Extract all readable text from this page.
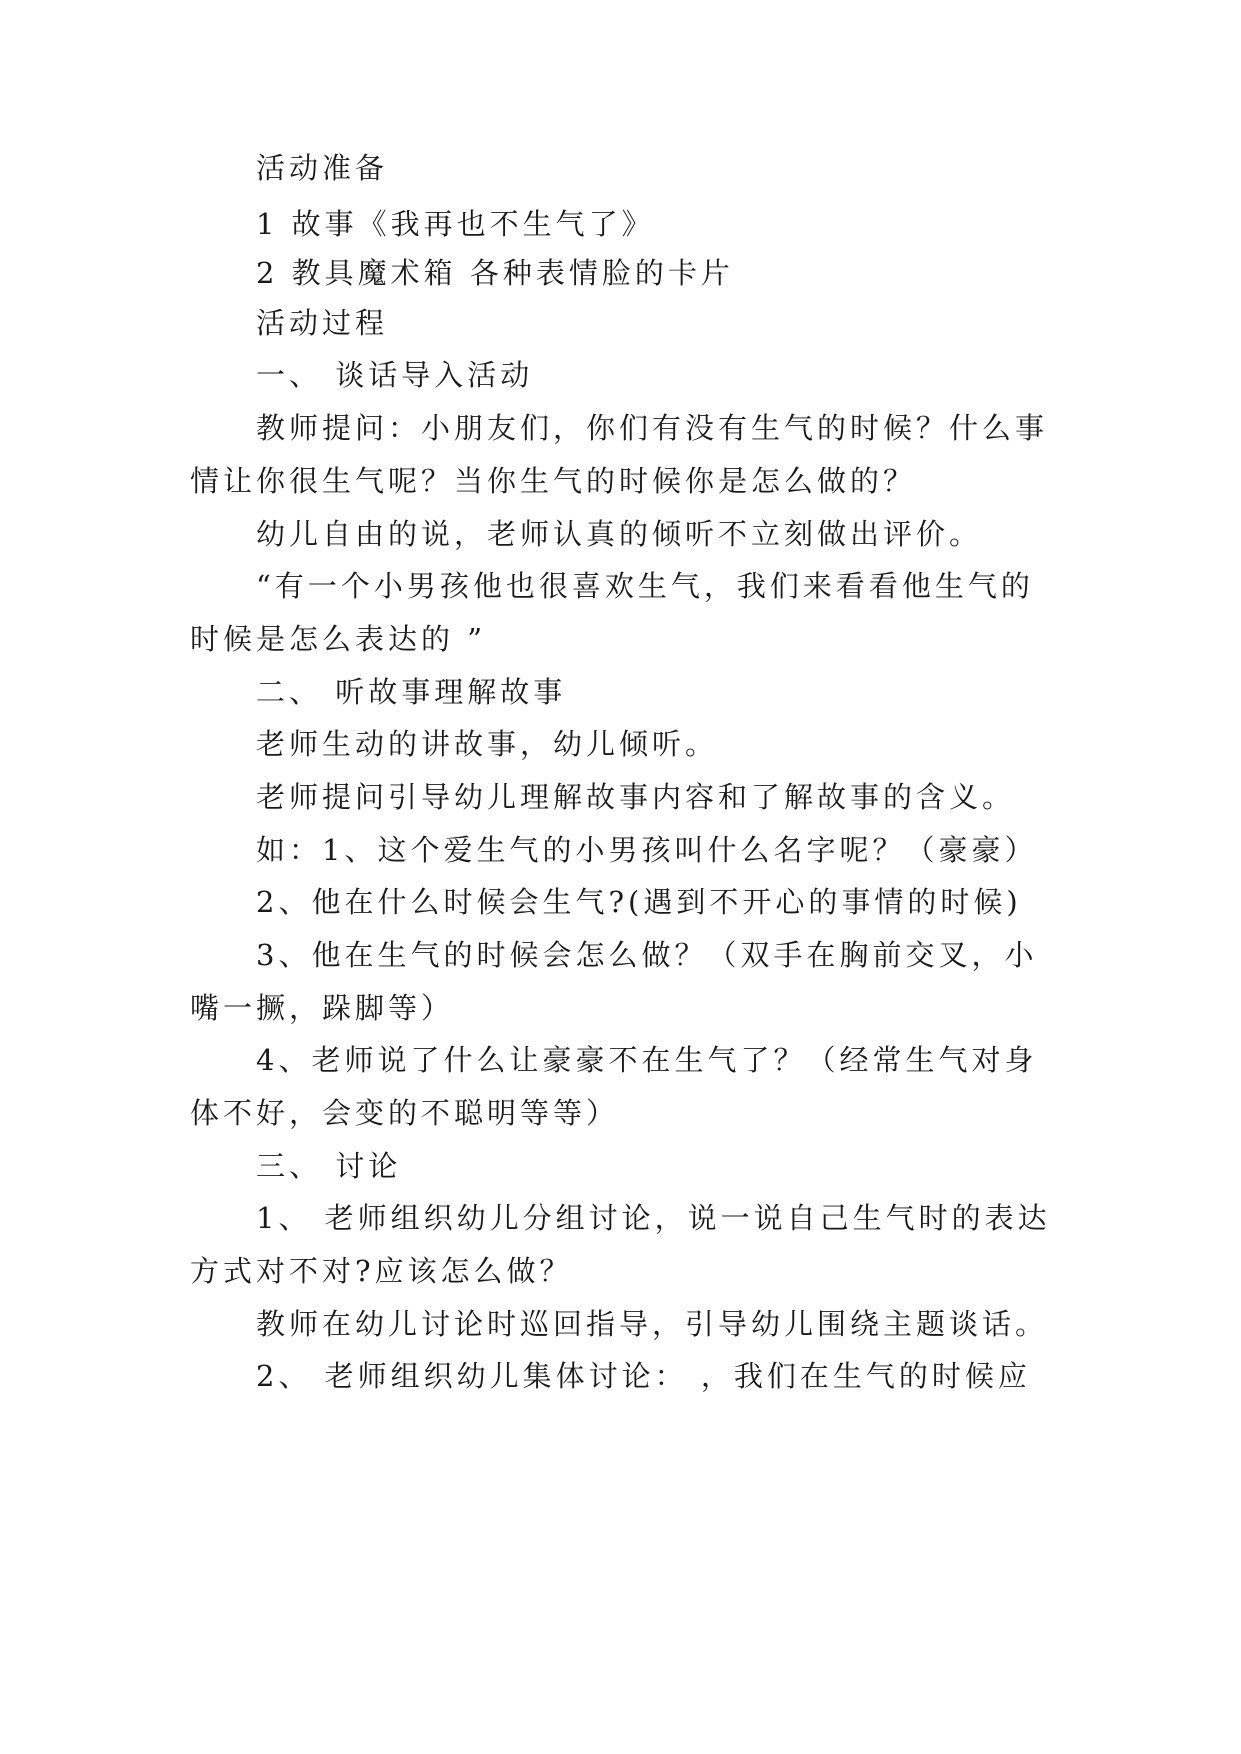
活动准备
1 故事《我再也不生气了》
2 教具魔术箱 各种表情脸的卡片
活动过程
一、 谈话导入活动
教师提问：小朋友们，你们有没有生气的时候？什么事
情让你很生气呢？当你生气的时候你是怎么做的？
幼儿自由的说，老师认真的倾听不立刻做出评价。
“有一个小男孩他也很喜欢生气，我们来看看他生气的
时候是怎么表达的 ”
二、 听故事理解故事
老师生动的讲故事，幼儿倾听。
老师提问引导幼儿理解故事内容和了解故事的含义。
如：1、这个爱生气的小男孩叫什么名字呢？（豪豪）
2、他在什么时候会生气?(遇到不开心的事情的时候)
3、他在生气的时候会怎么做？（双手在胸前交叉，小
嘴一撅，跺脚等）
4、老师说了什么让豪豪不在生气了？（经常生气对身
体不好，会变的不聪明等等）
三、 讨论
1、 老师组织幼儿分组讨论，说一说自己生气时的表达
方式对不对?应该怎么做？
教师在幼儿讨论时巡回指导，引导幼儿围绕主题谈话。
2、 老师组织幼儿集体讨论： ，我们在生气的时候应
